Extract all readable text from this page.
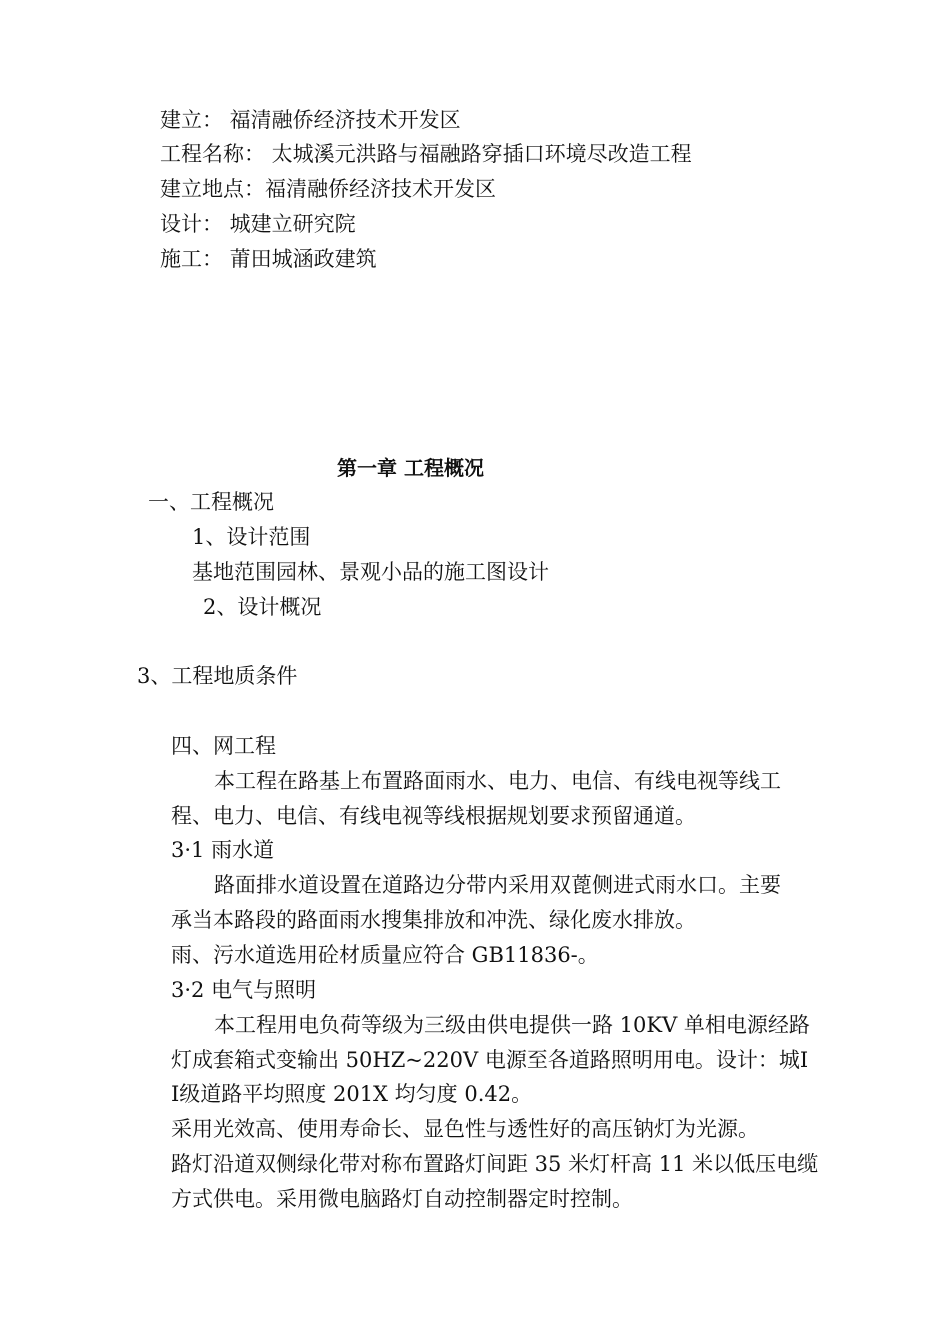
建立： 福清融侨经济技术开发区
工程名称： 太城溪元洪路与福融路穿插口环境尽改造工程
建立地点：福清融侨经济技术开发区
设计： 城建立研究院
施工： 莆田城涵政建筑
第一章 工程概况
一、工程概况
1、设计范围
基地范围园林、景观小品的施工图设计
2、设计概况
3、工程地质条件
四、网工程
本工程在路基上布置路面雨水、电力、电信、有线电视等线工
程、电力、电信、有线电视等线根据规划要求预留通道。
3·1 雨水道
路面排水道设置在道路边分带内采用双蓖侧进式雨水口。主要
承当本路段的路面雨水搜集排放和冲洗、绿化废水排放。
雨、污水道选用砼材质量应符合 GB11836-。
3·2 电气与照明
本工程用电负荷等级为三级由供电提供一路 10KV 单相电源经路
灯成套箱式变输出 50HZ~220V 电源至各道路照明用电。设计：城Ⅰ
Ⅰ级道路平均照度 201X 均匀度 0.42。
采用光效高、使用寿命长、显色性与透性好的高压钠灯为光源。
路灯沿道双侧绿化带对称布置路灯间距 35 米灯杆高 11 米以低压电缆
方式供电。采用微电脑路灯自动控制器定时控制。
